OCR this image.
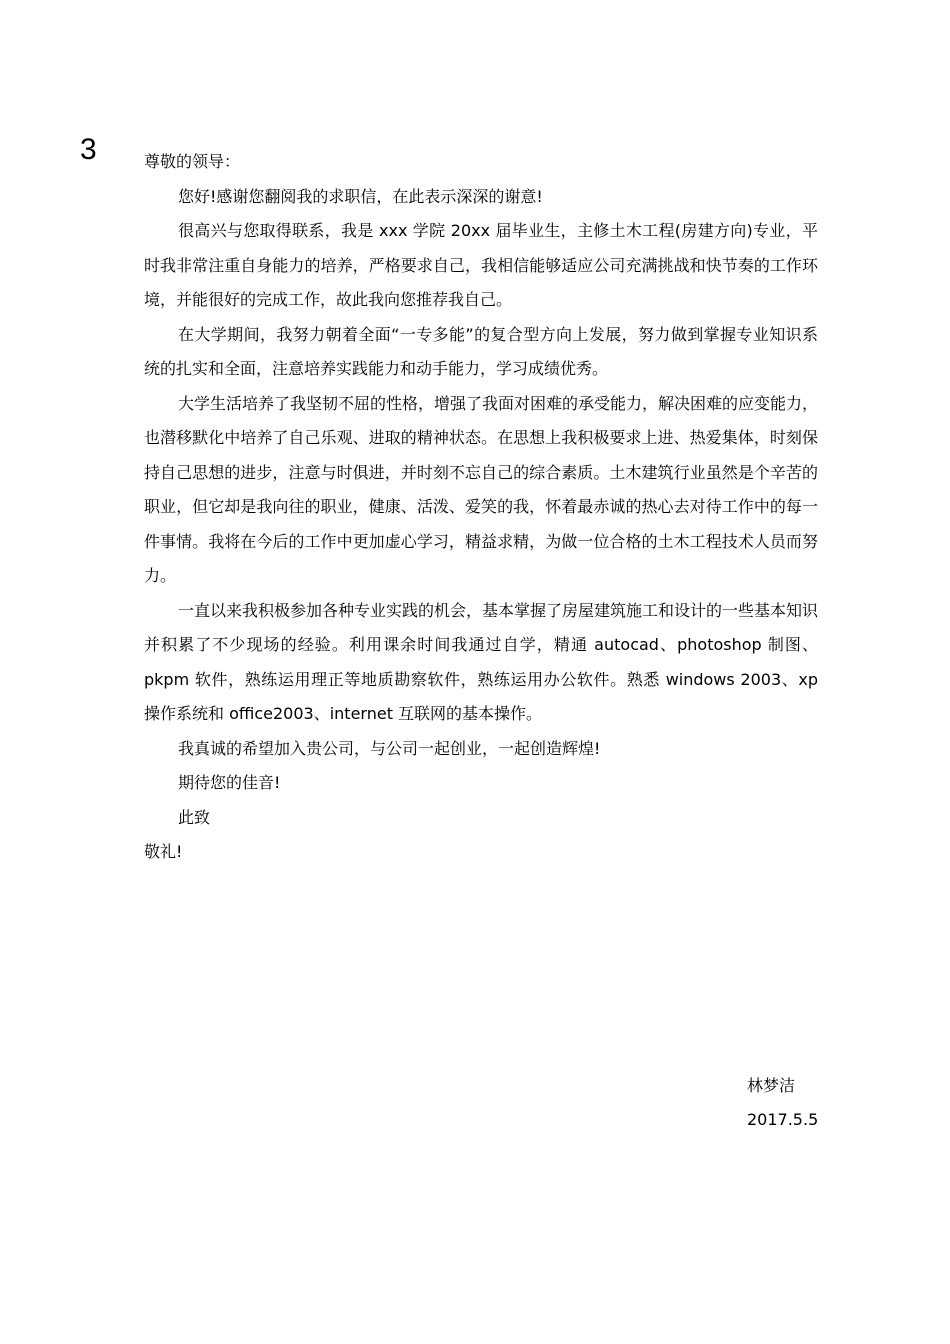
3	尊敬的领导：

您好!感谢您翻阅我的求职信，在此表示深深的谢意!

很高兴与您取得联系，我是 xxx 学院 20xx 届毕业生，主修土木工程(房建方向)专业，平时我非常注重自身能力的培养，严格要求自己，我相信能够适应公司充满挑战和快节奏的工作环境，并能很好的完成工作，故此我向您推荐我自己。

在大学期间，我努力朝着全面“一专多能”的复合型方向上发展，努力做到掌握专业知识系统的扎实和全面，注意培养实践能力和动手能力，学习成绩优秀。

大学生活培养了我坚韧不屈的性格，增强了我面对困难的承受能力，解决困难的应变能力，也潜移默化中培养了自己乐观、进取的精神状态。在思想上我积极要求上进、热爱集体，时刻保持自己思想的进步，注意与时俱进，并时刻不忘自己的综合素质。土木建筑行业虽然是个辛苦的职业，但它却是我向往的职业，健康、活泼、爱笑的我，怀着最赤诚的热心去对待工作中的每一件事情。我将在今后的工作中更加虚心学习，精益求精，为做一位合格的土木工程技术人员而努力。

一直以来我积极参加各种专业实践的机会，基本掌握了房屋建筑施工和设计的一些基本知识并积累了不少现场的经验。利用课余时间我通过自学，精通 autocad、photoshop 制图、pkpm 软件，熟练运用理正等地质勘察软件，熟练运用办公软件。熟悉 windows 2003、xp 操作系统和 office2003、internet 互联网的基本操作。

我真诚的希望加入贵公司，与公司一起创业，一起创造辉煌!

期待您的佳音!

此致

敬礼!

林梦洁
2017.5.5
